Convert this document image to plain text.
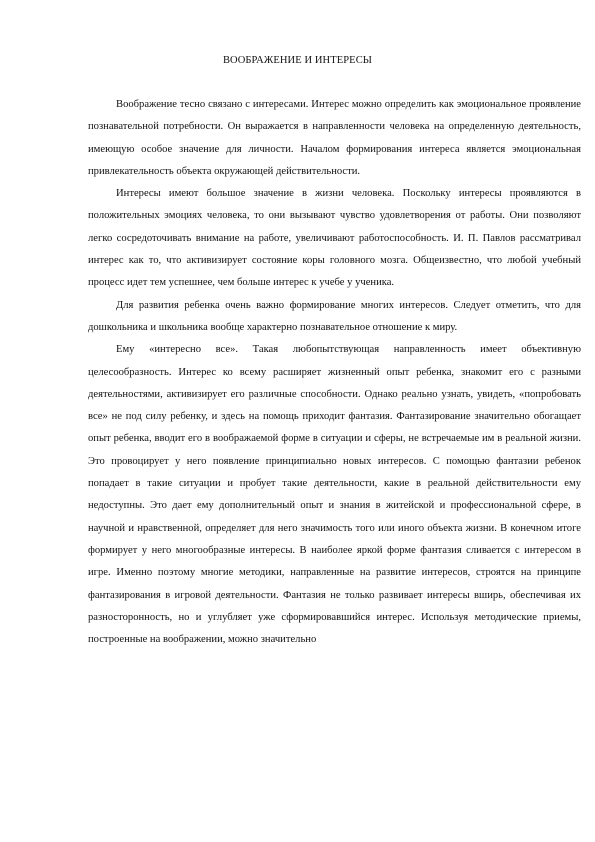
ВООБРАЖЕНИЕ И ИНТЕРЕСЫ

Воображение тесно связано с интересами. Интерес можно определить как эмоциональное проявление познавательной потребности. Он выражается в направленности человека на определенную деятельность, имеющую особое значение для личности. Началом формирования интереса является эмоциональная привлекательность объекта окружающей действительности.

Интересы имеют большое значение в жизни человека. Поскольку интересы проявляются в положительных эмоциях человека, то они вызывают чувство удовлетворения от работы. Они позволяют легко сосредоточивать внимание на работе, увеличивают работоспособность. И. П. Павлов рассматривал интерес как то, что активизирует состояние коры головного мозга. Общеизвестно, что любой учебный процесс идет тем успешнее, чем больше интерес к учебе у ученика.

Для развития ребенка очень важно формирование многих интересов. Следует отметить, что для дошкольника и школьника вообще характерно познавательное отношение к миру.

Ему «интересно все». Такая любопытствующая направленность имеет объективную целесообразность. Интерес ко всему расширяет жизненный опыт ребенка, знакомит его с разными деятельностями, активизирует его различные способности. Однако реально узнать, увидеть, «попробовать все» не под силу ребенку, и здесь на помощь приходит фантазия. Фантазирование значительно обогащает опыт ребенка, вводит его в воображаемой форме в ситуации и сферы, не встречаемые им в реальной жизни. Это провоцирует у него появление принципиально новых интересов. С помощью фантазии ребенок попадает в такие ситуации и пробует такие деятельности, какие в реальной действительности ему недоступны. Это дает ему дополнительный опыт и знания в житейской и профессиональной сфере, в научной и нравственной, определяет для него значимость того или иного объекта жизни. В конечном итоге формирует у него многообразные интересы. В наиболее яркой форме фантазия сливается с интересом в игре. Именно поэтому многие методики, направленные на развитие интересов, строятся на принципе фантазирования в игровой деятельности. Фантазия не только развивает интересы вширь, обеспечивая их разносторонность, но и углубляет уже сформировавшийся интерес. Используя методические приемы, построенные на воображении, можно значительно
